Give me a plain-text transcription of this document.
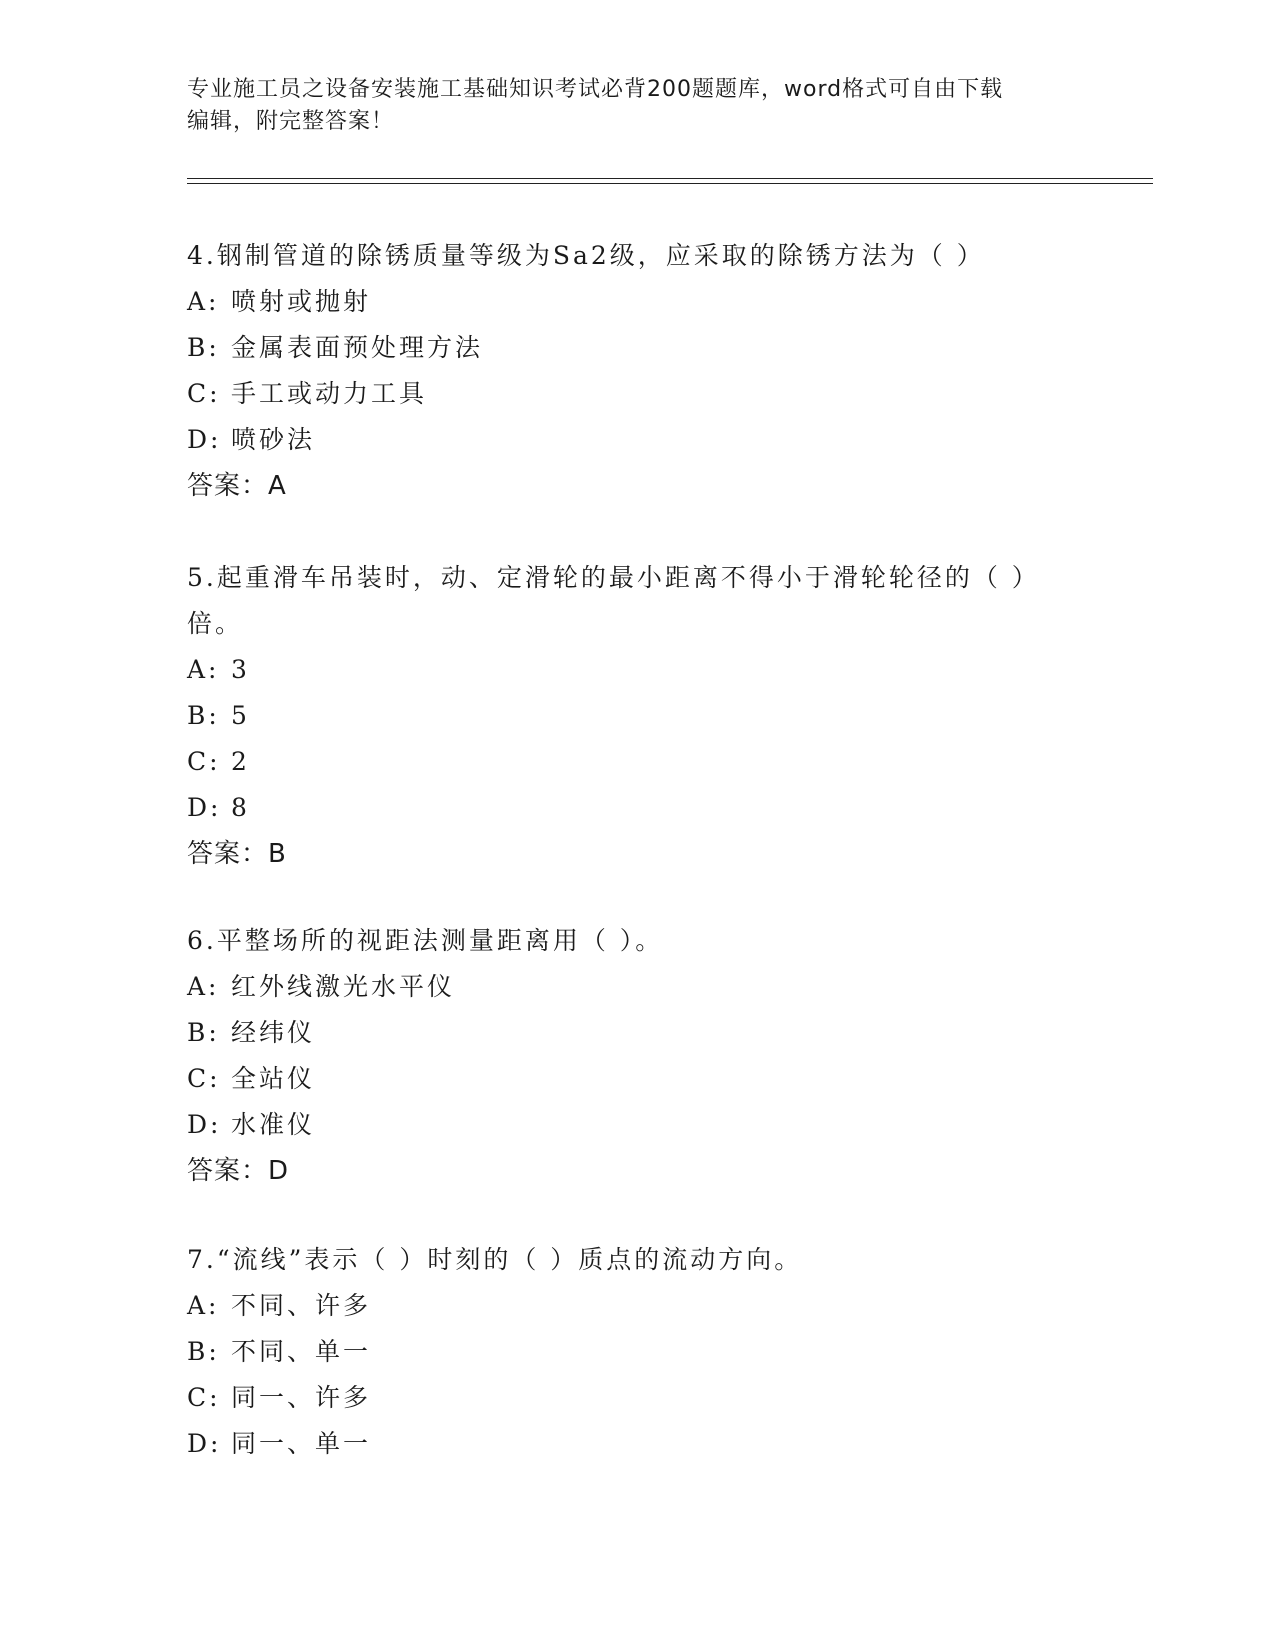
专业施工员之设备安装施工基础知识考试必背200题题库，word格式可自由下载
编辑，附完整答案！
4.钢制管道的除锈质量等级为Sa2级，应采取的除锈方法为（ ）
A: 喷射或抛射
B: 金属表面预处理方法
C: 手工或动力工具
D: 喷砂法
答案：A
5.起重滑车吊装时，动、定滑轮的最小距离不得小于滑轮轮径的（ ）倍。
A: 3
B: 5
C: 2
D: 8
答案：B
6.平整场所的视距法测量距离用（ ）。
A: 红外线激光水平仪
B: 经纬仪
C: 全站仪
D: 水准仪
答案：D
7.“流线”表示（ ）时刻的（ ）质点的流动方向。
A: 不同、许多
B: 不同、单一
C: 同一、许多
D: 同一、单一
